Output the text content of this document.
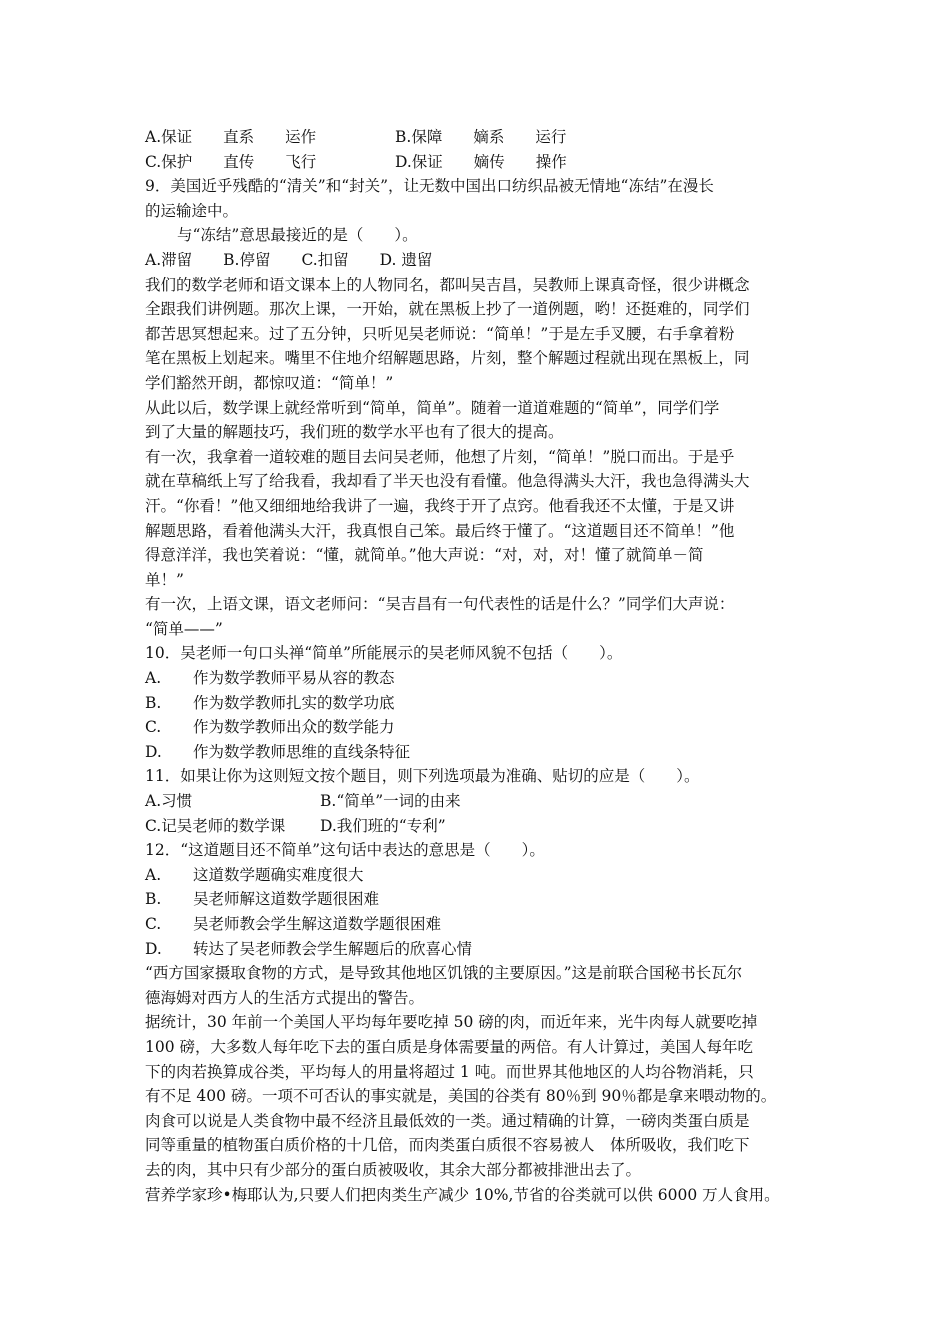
A.保证　　直系　　运作	B.保障　　嫡系　　运行
C.保护　　直传　　飞行	D.保证　　嫡传　　操作
9．美国近乎残酷的“清关”和“封关”，让无数中国出口纺织品被无情地“冻结”在漫长
的运输途中。
与“冻结”意思最接近的是（　　）。
A.滞留　　B.停留　　C.扣留　　D. 遗留
我们的数学老师和语文课本上的人物同名，都叫吴吉昌，吴教师上课真奇怪，很少讲概念
全跟我们讲例题。那次上课，一开始，就在黑板上抄了一道例题，哟！还挺难的，同学们
都苦思冥想起来。过了五分钟，只听见吴老师说：“简单！”于是左手叉腰，右手拿着粉
笔在黑板上划起来。嘴里不住地介绍解题思路，片刻，整个解题过程就出现在黑板上，同
学们豁然开朗，都惊叹道：“简单！”
从此以后，数学课上就经常听到“简单，简单”。随着一道道难题的“简单”，同学们学
到了大量的解题技巧，我们班的数学水平也有了很大的提高。
有一次，我拿着一道较难的题目去问吴老师，他想了片刻，“简单！”脱口而出。于是乎
就在草稿纸上写了给我看，我却看了半天也没有看懂。他急得满头大汗，我也急得满头大
汗。“你看！”他又细细地给我讲了一遍，我终于开了点窍。他看我还不太懂，于是又讲
解题思路，看着他满头大汗，我真恨自己笨。最后终于懂了。“这道题目还不简单！”他
得意洋洋，我也笑着说：“懂，就简单。”他大声说：“对，对，对！懂了就简单－简
单！”
有一次，上语文课，语文老师问：“吴吉昌有一句代表性的话是什么？”同学们大声说：
“简单——”
10．吴老师一句口头禅“简单”所能展示的吴老师风貌不包括（　　）。
A. 作为数学教师平易从容的教态
B. 作为数学教师扎实的数学功底
C. 作为数学教师出众的数学能力
D. 作为数学教师思维的直线条特征
11．如果让你为这则短文按个题目，则下列选项最为准确、贴切的应是（　　）。
A.习惯	B.“简单”一词的由来
C.记吴老师的数学课	D.我们班的“专利”
12．“这道题目还不简单”这句话中表达的意思是（　　）。
A. 这道数学题确实难度很大
B. 吴老师解这道数学题很困难
C. 吴老师教会学生解这道数学题很困难
D. 转达了吴老师教会学生解题后的欣喜心情
“西方国家摄取食物的方式，是导致其他地区饥饿的主要原因。”这是前联合国秘书长瓦尔
德海姆对西方人的生活方式提出的警告。
据统计，30 年前一个美国人平均每年要吃掉 50 磅的肉，而近年来，光牛肉每人就要吃掉
100 磅，大多数人每年吃下去的蛋白质是身体需要量的两倍。有人计算过，美国人每年吃
下的肉若换算成谷类，平均每人的用量将超过 1 吨。而世界其他地区的人均谷物消耗，只
有不足 400 磅。一项不可否认的事实就是，美国的谷类有 80％到 90％都是拿来喂动物的。
肉食可以说是人类食物中最不经济且最低效的一类。通过精确的计算，一磅肉类蛋白质是
同等重量的植物蛋白质价格的十几倍，而肉类蛋白质很不容易被人　体所吸收，我们吃下
去的肉，其中只有少部分的蛋白质被吸收，其余大部分都被排泄出去了。
营养学家珍•梅耶认为,只要人们把肉类生产减少 10%,节省的谷类就可以供 6000 万人食用。
